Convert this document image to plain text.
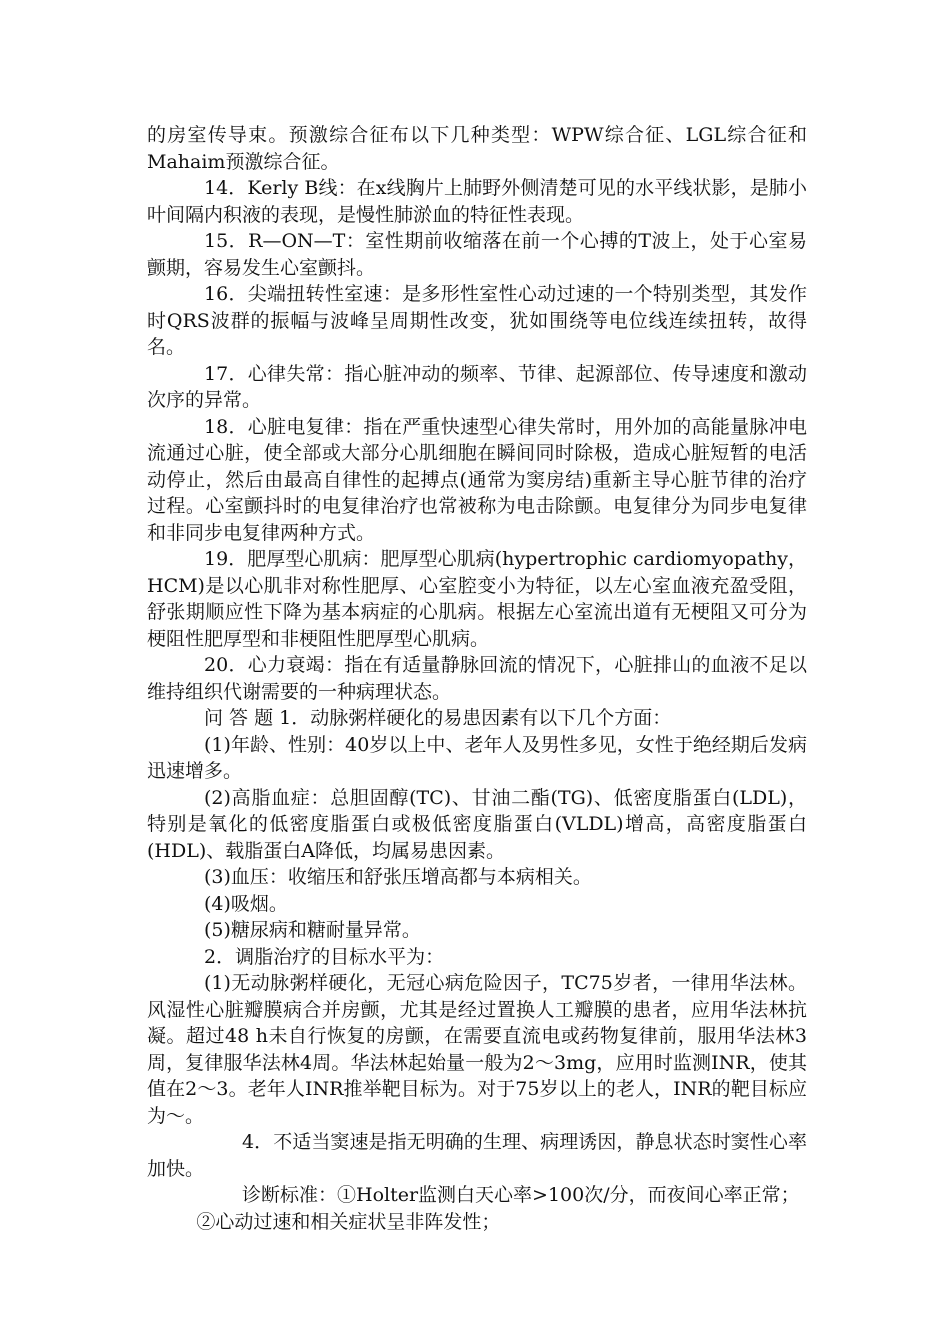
的房室传导束。预激综合征布以下几种类型：WPW综合征、LGL综合征和Mahaim预激综合征。

14．Kerly B线：在x线胸片上肺野外侧清楚可见的水平线状影，是肺小叶间隔内积液的表现，是慢性肺淤血的特征性表现。

15．R—ON—T：室性期前收缩落在前一个心搏的T波上，处于心室易颤期，容易发生心室颤抖。

16．尖端扭转性室速：是多形性室性心动过速的一个特别类型，其发作时QRS波群的振幅与波峰呈周期性改变，犹如围绕等电位线连续扭转，故得名。

17．心律失常：指心脏冲动的频率、节律、起源部位、传导速度和激动次序的异常。

18．心脏电复律：指在严重快速型心律失常时，用外加的高能量脉冲电流通过心脏，使全部或大部分心肌细胞在瞬间同时除极，造成心脏短暂的电活动停止，然后由最高自律性的起搏点(通常为窦房结)重新主导心脏节律的治疗过程。心室颤抖时的电复律治疗也常被称为电击除颤。电复律分为同步电复律和非同步电复律两种方式。

19．肥厚型心肌病：肥厚型心肌病(hypertrophic cardiomyopathy，HCM)是以心肌非对称性肥厚、心室腔变小为特征，以左心室血液充盈受阻，舒张期顺应性下降为基本病症的心肌病。根据左心室流出道有无梗阻又可分为梗阻性肥厚型和非梗阻性肥厚型心肌病。

20．心力衰竭：指在有适量静脉回流的情况下，心脏排山的血液不足以维持组织代谢需要的一种病理状态。

问 答 题 1．动脉粥样硬化的易患因素有以下几个方面：

(1)年龄、性别：40岁以上中、老年人及男性多见，女性于绝经期后发病迅速增多。

(2)高脂血症：总胆固醇(TC)、甘油二酯(TG)、低密度脂蛋白(LDL)，特别是氧化的低密度脂蛋白或极低密度脂蛋白(VLDL)增高，高密度脂蛋白(HDL)、载脂蛋白A降低，均属易患因素。

(3)血压：收缩压和舒张压增高都与本病相关。

(4)吸烟。

(5)糖尿病和糖耐量异常。

2．调脂治疗的目标水平为：

(1)无动脉粥样硬化，无冠心病危险因子，TC75岁者，一律用华法林。风湿性心脏瓣膜病合并房颤，尤其是经过置换人工瓣膜的患者，应用华法林抗凝。超过48 h未自行恢复的房颤，在需要直流电或药物复律前，服用华法林3周，复律服华法林4周。华法林起始量一般为2～3mg，应用时监测INR，使其值在2～3。老年人INR推举靶目标为。对于75岁以上的老人，INR的靶目标应为～。

4．不适当窦速是指无明确的生理、病理诱因，静息状态时窦性心率加快。

诊断标准：①Holter监测白天心率>100次/分，而夜间心率正常；

②心动过速和相关症状呈非阵发性；
